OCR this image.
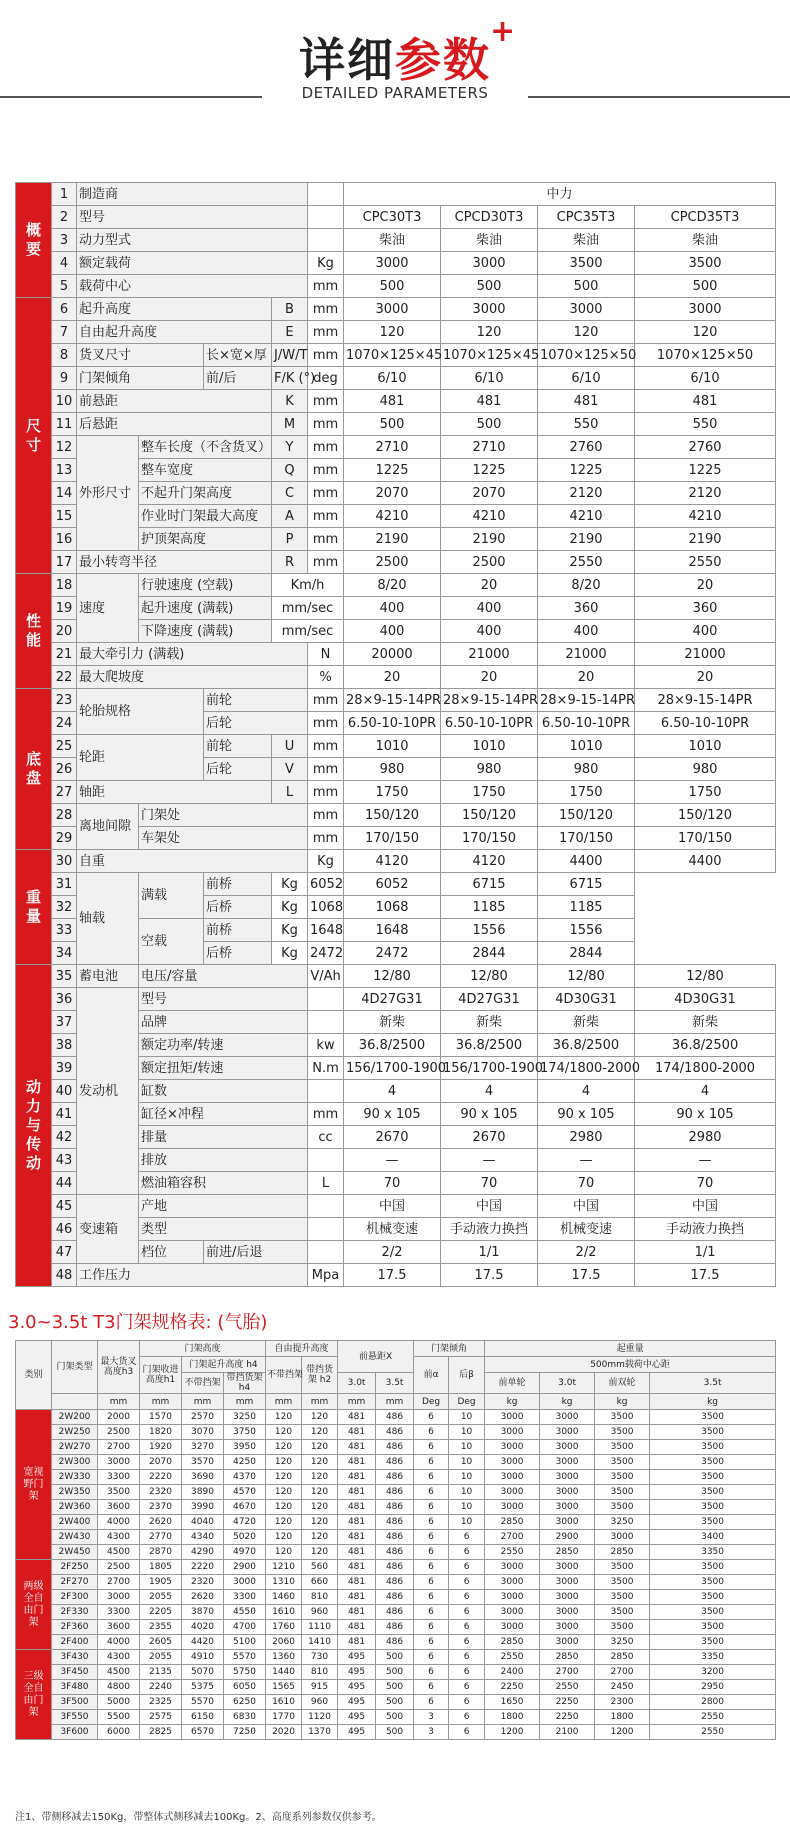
详细参数
+
DETAILED PARAMETERS
概要	1	制造商					中力			
	2	型号					CPC30T3	CPCD30T3	CPC35T3	CPCD35T3
	3	动力型式					柴油	柴油	柴油	柴油
	4	额定载荷				Kg	3000	3000	3500	3500
	5	载荷中心				mm	500	500	500	500
尺寸	6	起升高度			B	mm	3000	3000	3000	3000
	7	自由起升高度			E	mm	120	120	120	120
	8	货叉尺寸		长×宽×厚	J/W/T	mm	1070×125×45	1070×125×45	1070×125×50	1070×125×50
	9	门架倾角		前/后	F/K (°)	deg	6/10	6/10	6/10	6/10
	10	前悬距			K	mm	481	481	481	481
	11	后悬距			M	mm	500	500	550	550
	12	外形尺寸	整车长度（不含货叉）		Y	mm	2710	2710	2760	2760
	13		整车宽度		Q	mm	1225	1225	1225	1225
	14		不起升门架高度		C	mm	2070	2070	2120	2120
	15		作业时门架最大高度		A	mm	4210	4210	4210	4210
	16		护顶架高度		P	mm	2190	2190	2190	2190
	17	最小转弯半径			R	mm	2500	2500	2550	2550
性能	18	速度	行驶速度 (空载)		Km/h		8/20	20	8/20	20
	19		起升速度 (满载)		mm/sec		400	400	360	360
	20		下降速度 (满载)		mm/sec		400	400	400	400
	21	最大牵引力 (满载)				N	20000	21000	21000	21000
	22	最大爬坡度				%	20	20	20	20
底盘	23	轮胎规格		前轮		mm	28×9-15-14PR	28×9-15-14PR	28×9-15-14PR	28×9-15-14PR
	24			后轮		mm	6.50-10-10PR	6.50-10-10PR	6.50-10-10PR	6.50-10-10PR
	25	轮距		前轮	U	mm	1010	1010	1010	1010
	26			后轮	V	mm	980	980	980	980
	27	轴距			L	mm	1750	1750	1750	1750
	28	离地间隙	门架处			mm	150/120	150/120	150/120	150/120
	29		车架处			mm	170/150	170/150	170/150	170/150
重量	30	自重				Kg	4120	4120	4400	4400
	31	轴载	满载	前桥	Kg	6052	6052	6715	6715	
	32			后桥	Kg	1068	1068	1185	1185	
	33		空载	前桥	Kg	1648	1648	1556	1556	
	34			后桥	Kg	2472	2472	2844	2844	
动力与传动	35	蓄电池	电压/容量			V/Ah	12/80	12/80	12/80	12/80
	36	发动机	型号				4D27G31	4D27G31	4D30G31	4D30G31
	37		品牌				新柴	新柴	新柴	新柴
	38		额定功率/转速			kw	36.8/2500	36.8/2500	36.8/2500	36.8/2500
	39		额定扭矩/转速			N.m	156/1700-1900	156/1700-1900	174/1800-2000	174/1800-2000
	40		缸数				4	4	4	4
	41		缸径×冲程			mm	90 x 105	90 x 105	90 x 105	90 x 105
	42		排量			cc	2670	2670	2980	2980
	43		排放				—	—	—	—
	44		燃油箱容积			L	70	70	70	70
	45	变速箱	产地				中国	中国	中国	中国
	46		类型				机械变速	手动液力换挡	机械变速	手动液力换挡
	47		档位	前进/后退			2/2	1/1	2/2	1/1
	48	工作压力				Mpa	17.5	17.5	17.5	17.5
3.0~3.5t T3门架规格表: (气胎)
类别	门架类型	最大货叉高度h3	门架高度			自由提升高度		前悬距X		门架倾角		起重量			
			门架收进高度h1	门架起升高度 h4		不带挡架	带挡货架 h2			前α	后β	500mm载荷中心距			
				不带挡架	带挡货架 h4			3.0t	3.5t			前单轮	3.0t	前双轮	3.5t
		mm	mm	mm	mm	mm	mm	mm	mm	Deg	Deg	kg	kg	kg	kg
宽视野门架	2W200	2000	1570	2570	3250	120	120	481	486	6	10	3000	3000	3500	3500
	2W250	2500	1820	3070	3750	120	120	481	486	6	10	3000	3000	3500	3500
	2W270	2700	1920	3270	3950	120	120	481	486	6	10	3000	3000	3500	3500
	2W300	3000	2070	3570	4250	120	120	481	486	6	10	3000	3000	3500	3500
	2W330	3300	2220	3690	4370	120	120	481	486	6	10	3000	3000	3500	3500
	2W350	3500	2320	3890	4570	120	120	481	486	6	10	3000	3000	3500	3500
	2W360	3600	2370	3990	4670	120	120	481	486	6	10	3000	3000	3500	3500
	2W400	4000	2620	4040	4720	120	120	481	486	6	10	2850	3000	3250	3500
	2W430	4300	2770	4340	5020	120	120	481	486	6	6	2700	2900	3000	3400
	2W450	4500	2870	4290	4970	120	120	481	486	6	6	2550	2850	2850	3350
两级全自由门架	2F250	2500	1805	2220	2900	1210	560	481	486	6	6	3000	3000	3500	3500
	2F270	2700	1905	2320	3000	1310	660	481	486	6	6	3000	3000	3500	3500
	2F300	3000	2055	2620	3300	1460	810	481	486	6	6	3000	3000	3500	3500
	2F330	3300	2205	3870	4550	1610	960	481	486	6	6	3000	3000	3500	3500
	2F360	3600	2355	4020	4700	1760	1110	481	486	6	6	3000	3000	3500	3500
	2F400	4000	2605	4420	5100	2060	1410	481	486	6	6	2850	3000	3250	3500
三级全自由门架	3F430	4300	2055	4910	5570	1360	730	495	500	6	6	2550	2850	2850	3350
	3F450	4500	2135	5070	5750	1440	810	495	500	6	6	2400	2700	2700	3200
	3F480	4800	2240	5375	6050	1565	915	495	500	6	6	2250	2550	2450	2950
	3F500	5000	2325	5570	6250	1610	960	495	500	6	6	1650	2250	2300	2800
	3F550	5500	2575	6150	6830	1770	1120	495	500	3	6	1800	2250	1800	2550
	3F600	6000	2825	6570	7250	2020	1370	495	500	3	6	1200	2100	1200	2550
注1、带侧移减去150Kg，带整体式侧移减去100Kg。2、高度系列参数仅供参考。
